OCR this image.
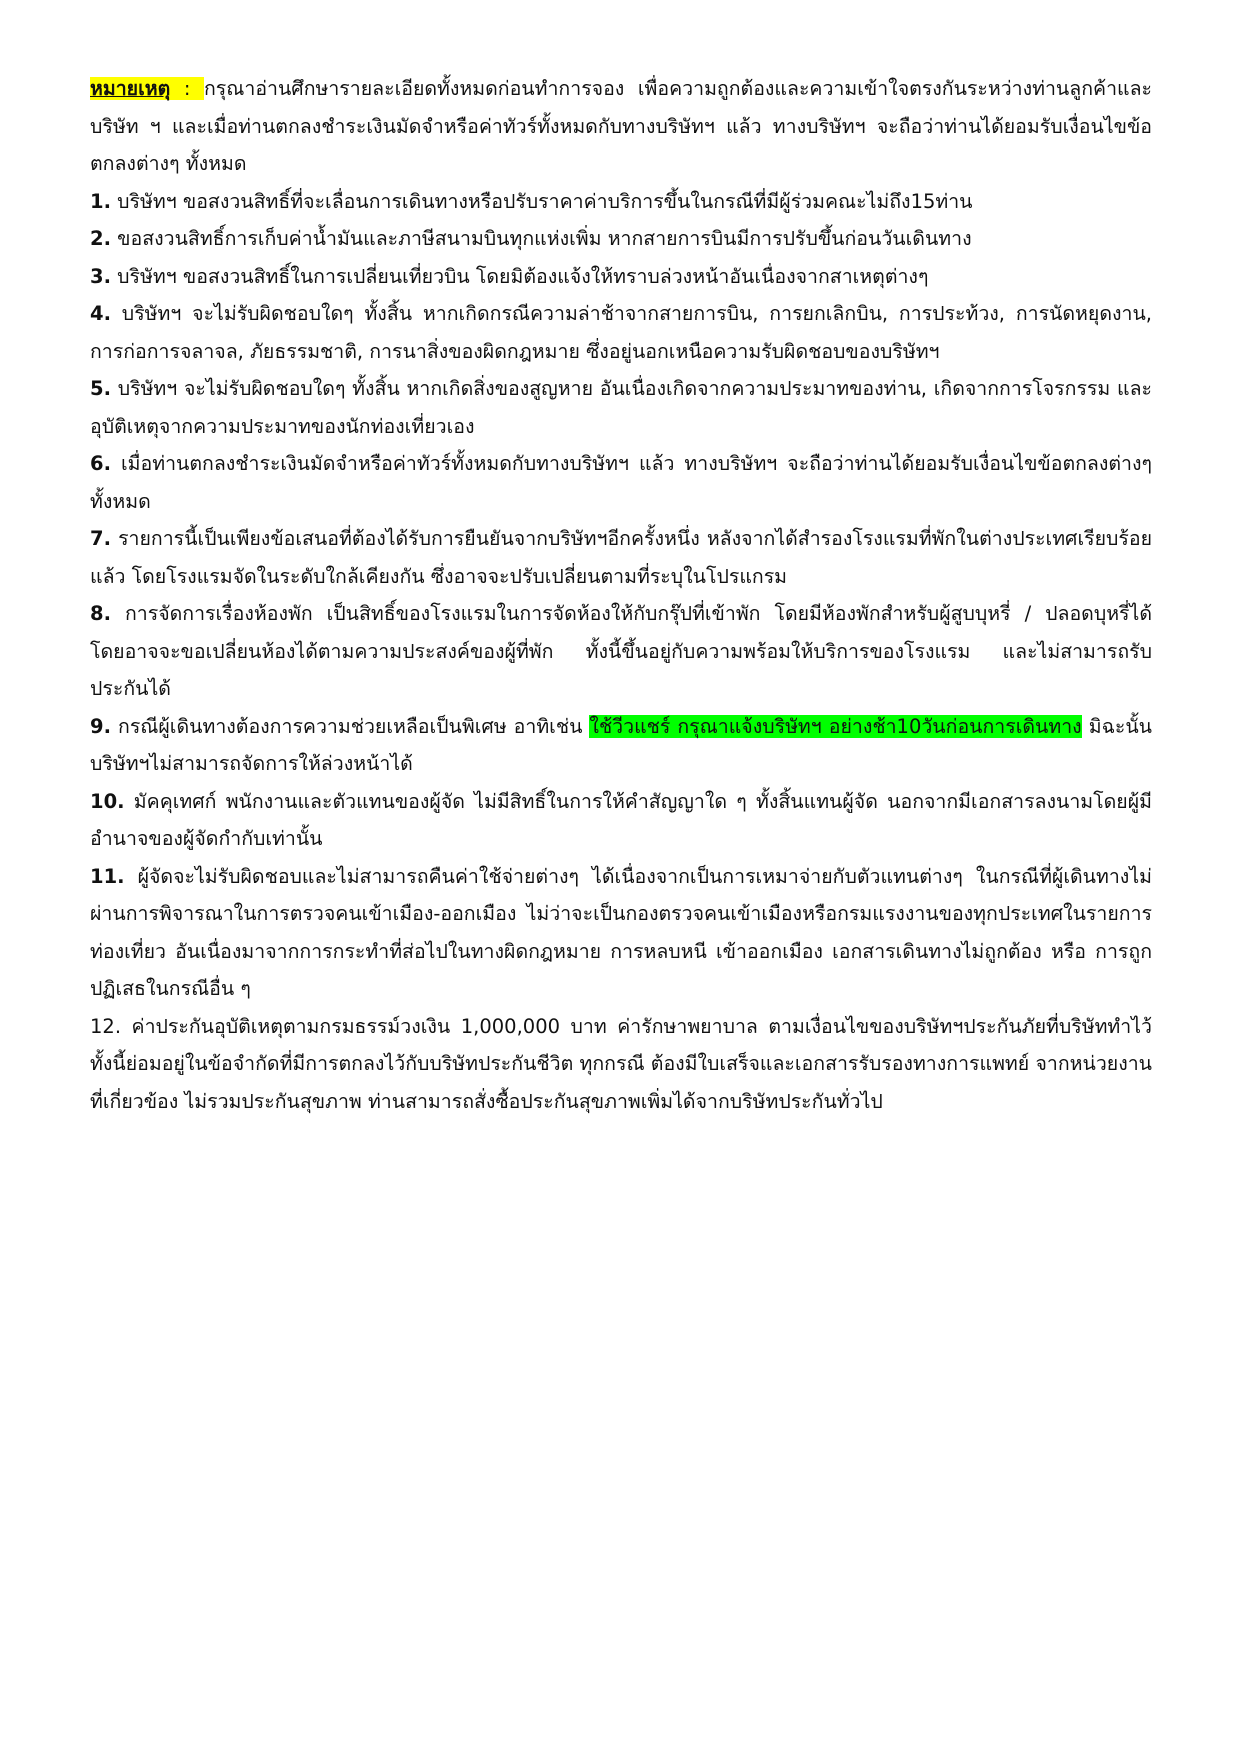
หมายเหตุ : กรุณาอ่านศึกษารายละเอียดทั้งหมดก่อนทำการจอง เพื่อความถูกต้องและความเข้าใจตรงกันระหว่างท่านลูกค้าและบริษัท ฯ และเมื่อท่านตกลงชำระเงินมัดจำหรือค่าทัวร์ทั้งหมดกับทางบริษัทฯ แล้ว ทางบริษัทฯ จะถือว่าท่านได้ยอมรับเงื่อนไขข้อตกลงต่างๆ ทั้งหมด

1. บริษัทฯ ขอสงวนสิทธิ์ที่จะเลื่อนการเดินทางหรือปรับราคาค่าบริการขึ้นในกรณีที่มีผู้ร่วมคณะไม่ถึง15ท่าน

2. ขอสงวนสิทธิ์การเก็บค่าน้ำมันและภาษีสนามบินทุกแห่งเพิ่ม หากสายการบินมีการปรับขึ้นก่อนวันเดินทาง

3. บริษัทฯ ขอสงวนสิทธิ์ในการเปลี่ยนเที่ยวบิน โดยมิต้องแจ้งให้ทราบล่วงหน้าอันเนื่องจากสาเหตุต่างๆ

4. บริษัทฯ จะไม่รับผิดชอบใดๆ ทั้งสิ้น หากเกิดกรณีความล่าช้าจากสายการบิน, การยกเลิกบิน, การประท้วง, การนัดหยุดงาน, การก่อการจลาจล, ภัยธรรมชาติ, การนาสิ่งของผิดกฎหมาย ซึ่งอยู่นอกเหนือความรับผิดชอบของบริษัทฯ

5. บริษัทฯ จะไม่รับผิดชอบใดๆ ทั้งสิ้น หากเกิดสิ่งของสูญหาย อันเนื่องเกิดจากความประมาทของท่าน, เกิดจากการโจรกรรม และ อุบัติเหตุจากความประมาทของนักท่องเที่ยวเอง

6. เมื่อท่านตกลงชำระเงินมัดจำหรือค่าทัวร์ทั้งหมดกับทางบริษัทฯ แล้ว ทางบริษัทฯ จะถือว่าท่านได้ยอมรับเงื่อนไขข้อตกลงต่างๆ ทั้งหมด

7. รายการนี้เป็นเพียงข้อเสนอที่ต้องได้รับการยืนยันจากบริษัทฯอีกครั้งหนึ่ง หลังจากได้สำรองโรงแรมที่พักในต่างประเทศเรียบร้อยแล้ว โดยโรงแรมจัดในระดับใกล้เคียงกัน ซึ่งอาจจะปรับเปลี่ยนตามที่ระบุในโปรแกรม

8. การจัดการเรื่องห้องพัก เป็นสิทธิ์ของโรงแรมในการจัดห้องให้กับกรุ๊ปที่เข้าพัก โดยมีห้องพักสำหรับผู้สูบบุหรี่ / ปลอดบุหรี่ได้ โดยอาจจะขอเปลี่ยนห้องได้ตามความประสงค์ของผู้ที่พัก ทั้งนี้ขึ้นอยู่กับความพร้อมให้บริการของโรงแรม และไม่สามารถรับประกันได้

9. กรณีผู้เดินทางต้องการความช่วยเหลือเป็นพิเศษ อาทิเช่น ใช้วีวแชร์ กรุณาแจ้งบริษัทฯ อย่างช้า10วันก่อนการเดินทาง มิฉะนั้น บริษัทฯไม่สามารถจัดการให้ล่วงหน้าได้

10. มัคคุเทศก์ พนักงานและตัวแทนของผู้จัด ไม่มีสิทธิ์ในการให้คำสัญญาใด ๆ ทั้งสิ้นแทนผู้จัด นอกจากมีเอกสารลงนามโดยผู้มีอำนาจของผู้จัดกำกับเท่านั้น

11. ผู้จัดจะไม่รับผิดชอบและไม่สามารถคืนค่าใช้จ่ายต่างๆ ได้เนื่องจากเป็นการเหมาจ่ายกับตัวแทนต่างๆ ในกรณีที่ผู้เดินทางไม่ผ่านการพิจารณาในการตรวจคนเข้าเมือง-ออกเมือง ไม่ว่าจะเป็นกองตรวจคนเข้าเมืองหรือกรมแรงงานของทุกประเทศในรายการท่องเที่ยว อันเนื่องมาจากการกระทำที่ส่อไปในทางผิดกฎหมาย การหลบหนี เข้าออกเมือง เอกสารเดินทางไม่ถูกต้อง หรือ การถูกปฏิเสธในกรณีอื่น ๆ

12. ค่าประกันอุบัติเหตุตามกรมธรรม์วงเงิน 1,000,000 บาท ค่ารักษาพยาบาล ตามเงื่อนไขของบริษัทฯประกันภัยที่บริษัททำไว้ ทั้งนี้ย่อมอยู่ในข้อจำกัดที่มีการตกลงไว้กับบริษัทประกันชีวิต ทุกกรณี ต้องมีใบเสร็จและเอกสารรับรองทางการแพทย์ จากหน่วยงานที่เกี่ยวข้อง ไม่รวมประกันสุขภาพ ท่านสามารถสั่งซื้อประกันสุขภาพเพิ่มได้จากบริษัทประกันทั่วไป
